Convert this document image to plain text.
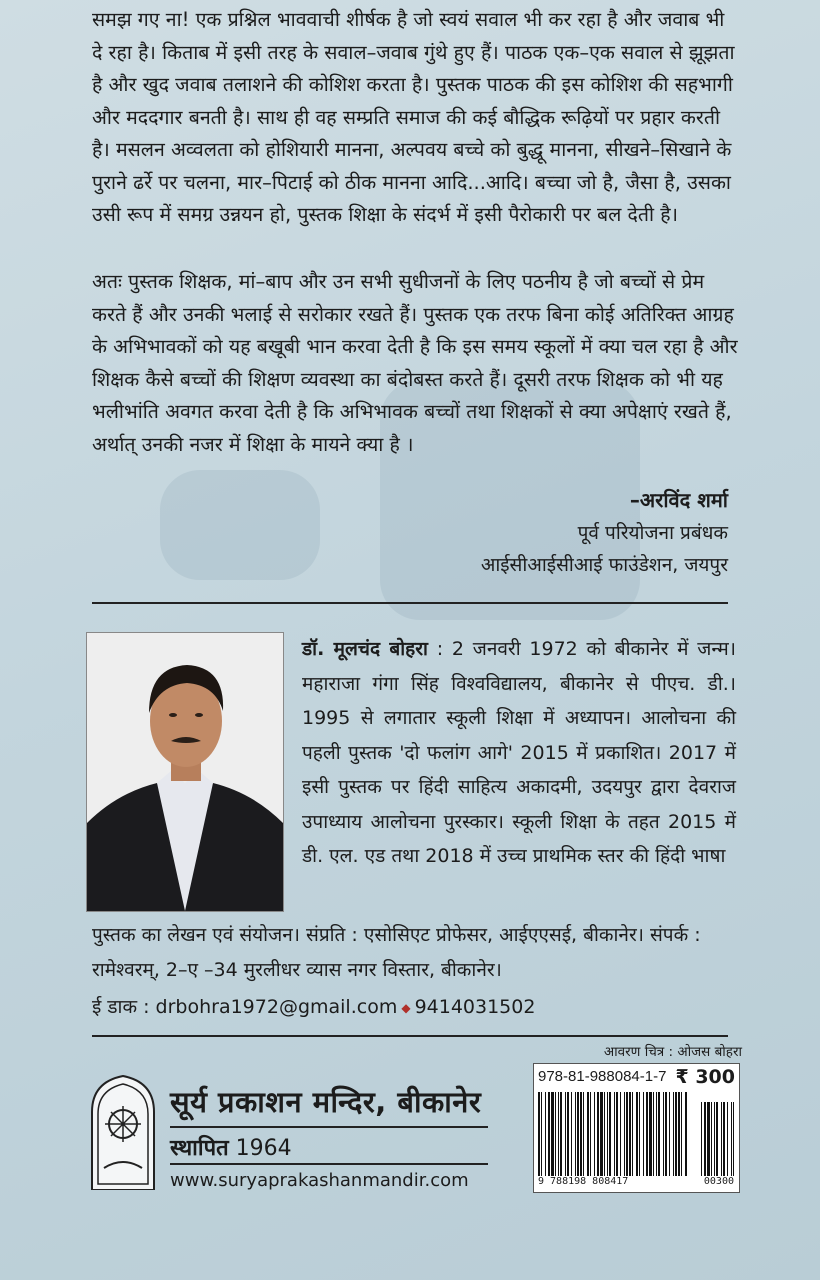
समझ गए ना! एक प्रश्निल भाववाची शीर्षक है जो स्वयं सवाल भी कर रहा है और जवाब भी दे रहा है। किताब में इसी तरह के सवाल–जवाब गुंथे हुए हैं। पाठक एक–एक सवाल से झूझता है और खुद जवाब तलाशने की कोशिश करता है। पुस्तक पाठक की इस कोशिश की सहभागी और मददगार बनती है। साथ ही वह सम्प्रति समाज की कई बौद्धिक रूढ़ियों पर प्रहार करती है। मसलन अव्वलता को होशियारी मानना, अल्पवय बच्चे को बुद्धू मानना, सीखने–सिखाने के पुराने ढर्रे पर चलना, मार–पिटाई को ठीक मानना आदि...आदि। बच्चा जो है, जैसा है, उसका उसी रूप में समग्र उन्नयन हो, पुस्तक शिक्षा के संदर्भ में इसी पैरोकारी पर बल देती है।

अतः पुस्तक शिक्षक, मां–बाप और उन सभी सुधीजनों के लिए पठनीय है जो बच्चों से प्रेम करते हैं और उनकी भलाई से सरोकार रखते हैं। पुस्तक एक तरफ बिना कोई अतिरिक्त आग्रह के अभिभावकों को यह बखूबी भान करवा देती है कि इस समय स्कूलों में क्या चल रहा है और शिक्षक कैसे बच्चों की शिक्षण व्यवस्था का बंदोबस्त करते हैं। दूसरी तरफ शिक्षक को भी यह भलीभांति अवगत करवा देती है कि अभिभावक बच्चों तथा शिक्षकों से क्या अपेक्षाएं रखते हैं, अर्थात् उनकी नजर में शिक्षा के मायने क्या है ।

–अरविंद शर्मा
पूर्व परियोजना प्रबंधक
आईसीआईसीआई फाउंडेशन, जयपुर
डॉ. मूलचंद बोहरा : 2 जनवरी 1972 को बीकानेर में जन्म। महाराजा गंगा सिंह विश्वविद्यालय, बीकानेर से पीएच. डी.। 1995 से लगातार स्कूली शिक्षा में अध्यापन। आलोचना की पहली पुस्तक 'दो फलांग आगे' 2015 में प्रकाशित। 2017 में इसी पुस्तक पर हिंदी साहित्य अकादमी, उदयपुर द्वारा देवराज उपाध्याय आलोचना पुरस्कार। स्कूली शिक्षा के तहत 2015 में डी. एल. एड तथा 2018 में उच्च प्राथमिक स्तर की हिंदी भाषा
पुस्तक का लेखन एवं संयोजन। संप्रति : एसोसिएट प्रोफेसर, आईएएसई, बीकानेर। संपर्क : रामेश्वरम्, 2–ए –34 मुरलीधर व्यास नगर विस्तार, बीकानेर।
ई डाक : drbohra1972@gmail.com ◆ 9414031502
आवरण चित्र : ओजस बोहरा
सूर्य प्रकाशन मन्दिर, बीकानेर
स्थापित 1964
www.suryaprakashanmandir.com
978-81-988084-1-7 ₹ 300
9 788198 808417	00300
